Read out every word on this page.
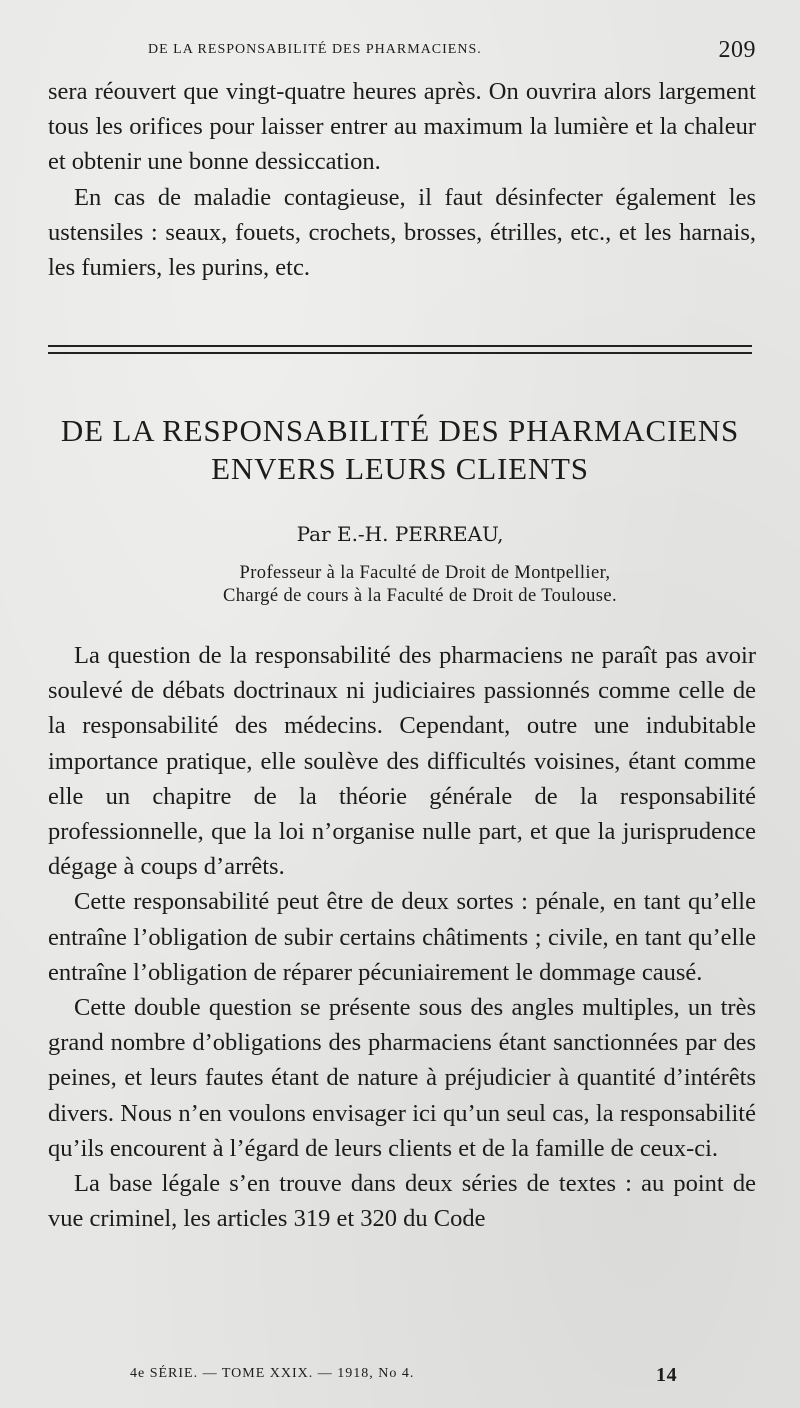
DE LA RESPONSABILITÉ DES PHARMACIENS.	209

sera réouvert que vingt-quatre heures après. On ouvrira alors largement tous les orifices pour laisser entrer au maximum la lumière et la chaleur et obtenir une bonne dessiccation.

En cas de maladie contagieuse, il faut désinfecter également les ustensiles : seaux, fouets, crochets, brosses, étrilles, etc., et les harnais, les fumiers, les purins, etc.

DE LA RESPONSABILITÉ DES PHARMACIENS
ENVERS LEURS CLIENTS
Par E.-H. PERREAU,
Professeur à la Faculté de Droit de Montpellier,
Chargé de cours à la Faculté de Droit de Toulouse.

La question de la responsabilité des pharmaciens ne paraît pas avoir soulevé de débats doctrinaux ni judiciaires passionnés comme celle de la responsabilité des médecins. Cependant, outre une indubitable importance pratique, elle soulève des difficultés voisines, étant comme elle un chapitre de la théorie générale de la responsabilité professionnelle, que la loi n’organise nulle part, et que la jurisprudence dégage à coups d’arrêts.

Cette responsabilité peut être de deux sortes : pénale, en tant qu’elle entraîne l’obligation de subir certains châtiments ; civile, en tant qu’elle entraîne l’obligation de réparer pécuniairement le dommage causé.

Cette double question se présente sous des angles multiples, un très grand nombre d’obligations des pharmaciens étant sanctionnées par des peines, et leurs fautes étant de nature à préjudicier à quantité d’intérêts divers. Nous n’en voulons envisager ici qu’un seul cas, la responsabilité qu’ils encourent à l’égard de leurs clients et de la famille de ceux-ci.

La base légale s’en trouve dans deux séries de textes : au point de vue criminel, les articles 319 et 320 du Code

4e SÉRIE. — TOME XXIX. — 1918, No 4.	14
